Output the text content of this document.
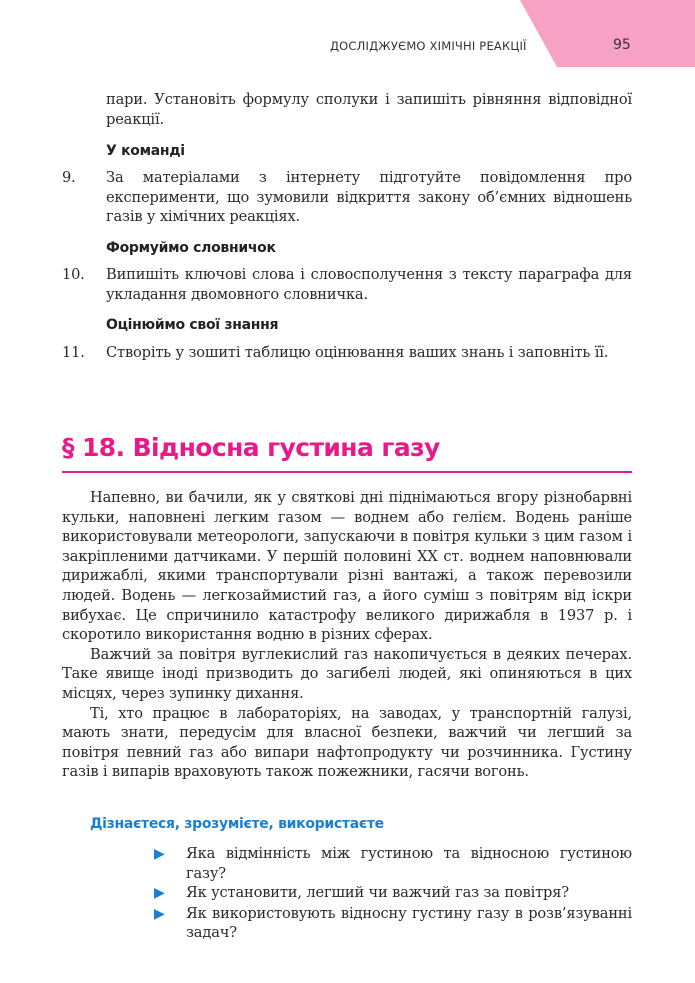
ДОСЛІДЖУЄМО ХІМІЧНІ РЕАКЦІЇ	95
пари. Установіть формулу сполуки і запишіть рівняння відповідної реакції.
У команді
9.	За матеріалами з інтернету підготуйте повідомлення про експерименти, що зумовили відкриття закону об’ємних відношень газів у хімічних реакціях.
Формуймо словничок
10.	Випишіть ключові слова і словосполучення з тексту параграфа для укладання двомовного словничка.
Оцінюймо свої знання
11.	Створіть у зошиті таблицю оцінювання ваших знань і заповніть її.
§ 18. Відносна густина газу

Напевно, ви бачили, як у святкові дні піднімаються вгору різнобарвні кульки, наповнені легким газом — воднем або гелієм. Водень раніше використовували метеорологи, запускаючи в повітря кульки з цим газом і закріпленими датчиками. У першій половині XX ст. воднем наповнювали дирижаблі, якими транспортували різні вантажі, а також перевозили людей. Водень — легкозаймистий газ, а його суміш з повітрям від іскри вибухає. Це спричинило катастрофу великого дирижабля в 1937 р. і скоротило використання водню в різних сферах.

Важчий за повітря вуглекислий газ накопичується в деяких печерах. Таке явище іноді призводить до загибелі людей, які опиняються в цих місцях, через зупинку дихання.

Ті, хто працює в лабораторіях, на заводах, у транспортній галузі, мають знати, передусім для власної безпеки, важчий чи легший за повітря певний газ або випари нафтопродукту чи розчинника. Густину газів і випарів враховують також пожежники, гасячи вогонь.

Дізнаєтеся, зрозумієте, використаєте
▶	Яка відмінність між густиною та відносною густиною газу?
▶	Як установити, легший чи важчий газ за повітря?
▶	Як використовують відносну густину газу в розв’язуванні задач?
